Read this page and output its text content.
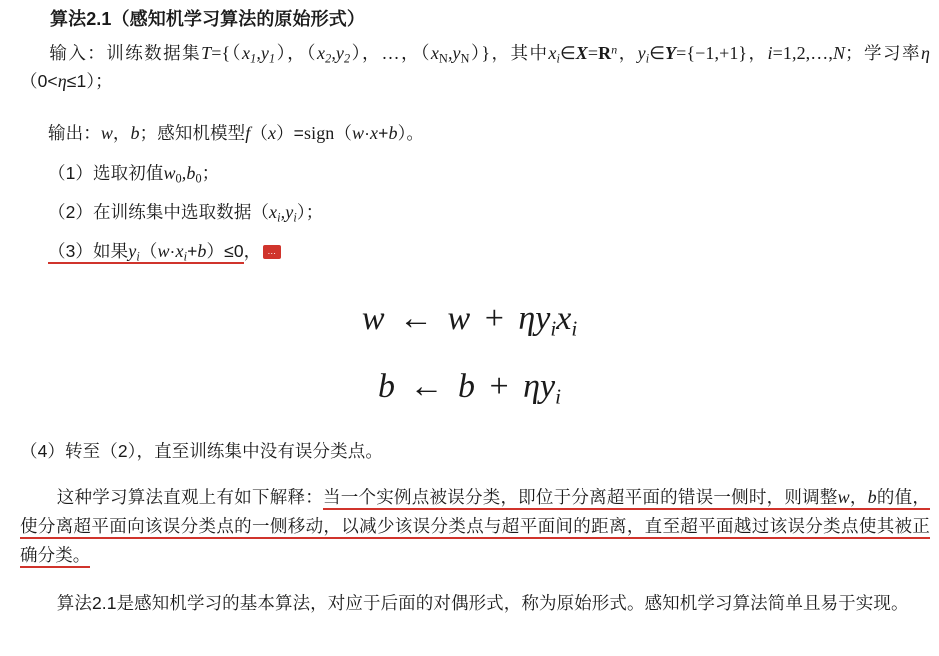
算法2.1（感知机学习算法的原始形式）
输入：训练数据集$T=\{(x_1,y_1)$，$(x_2,y_2)$，…，$(x_N,y_N)$}，其中$x_i\in X=R^n$，$y_i\in Y=\{-1,+1\}$，i=1,2,…,N；学习率η（0<η≤1）；
输出：w，b；感知机模型f（x）=sign（w·x+b）。
（1）选取初值$w_0,b_0$；
（2）在训练集中选取数据$(x_i,y_i)$；
（3）如果$y_i(w\cdot x_i+b)\le 0$， …
w ← $w + \eta y_ix_i$
b ← $b + \eta y_i$
（4）转至（2），直至训练集中没有误分类点。
这种学习算法直观上有如下解释：当一个实例点被误分类，即位于分离超平面的错误一侧时，则调整w，b的值，使分离超平面向该误分类点的一侧移动，以减少该误分类点与超平面间的距离，直至超平面越过该误分类点使其被正确分类。
算法2.1是感知机学习的基本算法，对应于后面的对偶形式，称为原始形式。感知机学习算法简单且易于实现。
